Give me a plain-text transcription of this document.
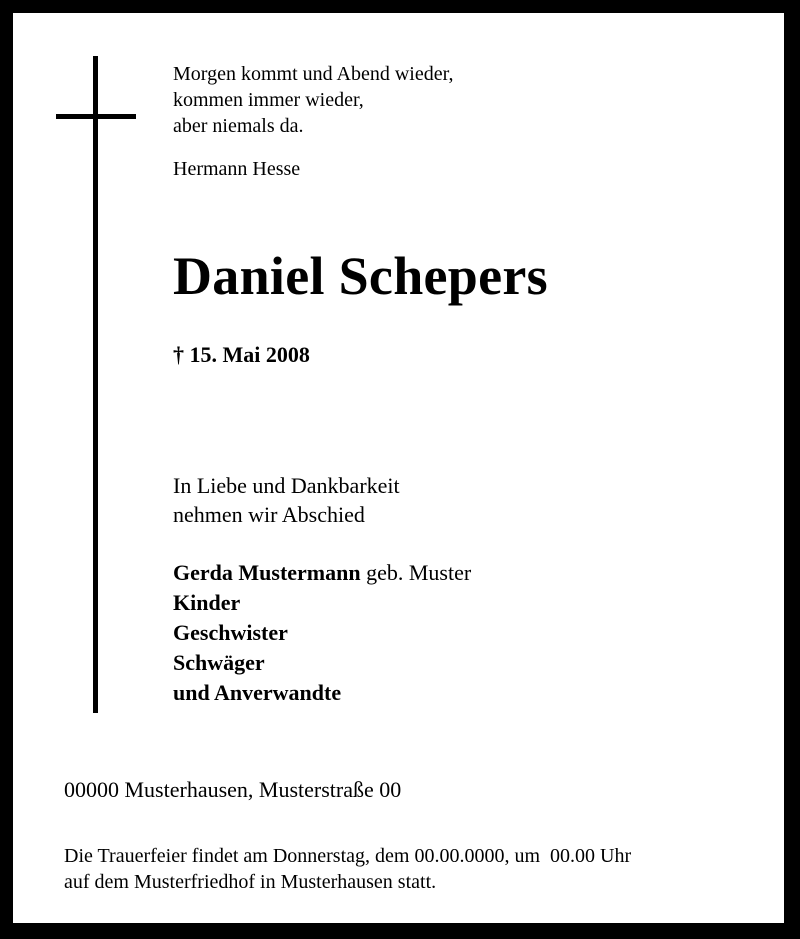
Morgen kommt und Abend wieder,
kommen immer wieder,
aber niemals da.
Hermann Hesse
Daniel Schepers
† 15. Mai 2008
In Liebe und Dankbarkeit
nehmen wir Abschied
Gerda Mustermann geb. Muster
Kinder
Geschwister
Schwäger
und Anverwandte
00000 Musterhausen, Musterstraße 00
Die Trauerfeier findet am Donnerstag, dem 00.00.0000, um  00.00 Uhr
auf dem Musterfriedhof in Musterhausen statt.
